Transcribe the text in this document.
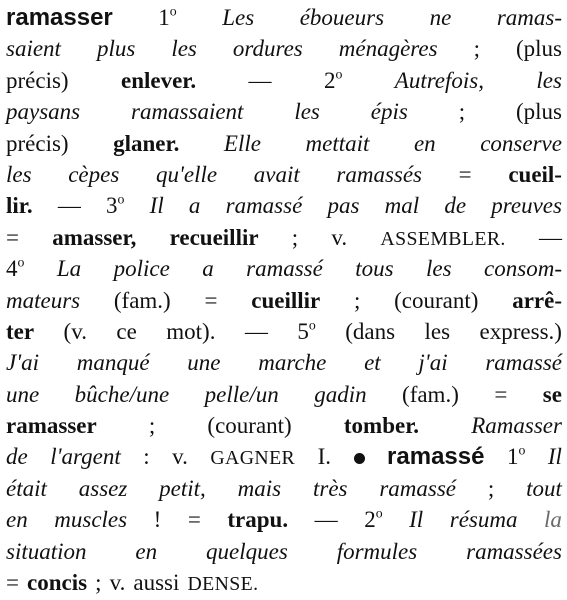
ramasser 1$^o$ Les éboueurs ne ramas-
saient plus les ordures ménagères ; (plus
précis) enlever. — 2$^o$ Autrefois, les
paysans ramassaient les épis ; (plus
précis) glaner. Elle mettait en conserve
les cèpes qu'elle avait ramassés = cueil-
lir. — 3$^o$ Il a ramassé pas mal de preuves
= amasser, recueillir ; v. ASSEMBLER. —
4$^o$ La police a ramassé tous les consom-
mateurs (fam.) = cueillir ; (courant) arrê-
ter (v. ce mot). — 5$^o$ (dans les express.)
J'ai manqué une marche et j'ai ramassé
une bûche/une pelle/un gadin (fam.) = se
ramasser ; (courant) tomber. Ramasser
de l'argent : v. GAGNER I. ramassé 1$^o$ Il
était assez petit, mais très ramassé ; tout
en muscles ! = trapu. — 2$^o$ Il résuma la
situation en quelques formules ramassées
= concis ; v. aussi DENSE.
